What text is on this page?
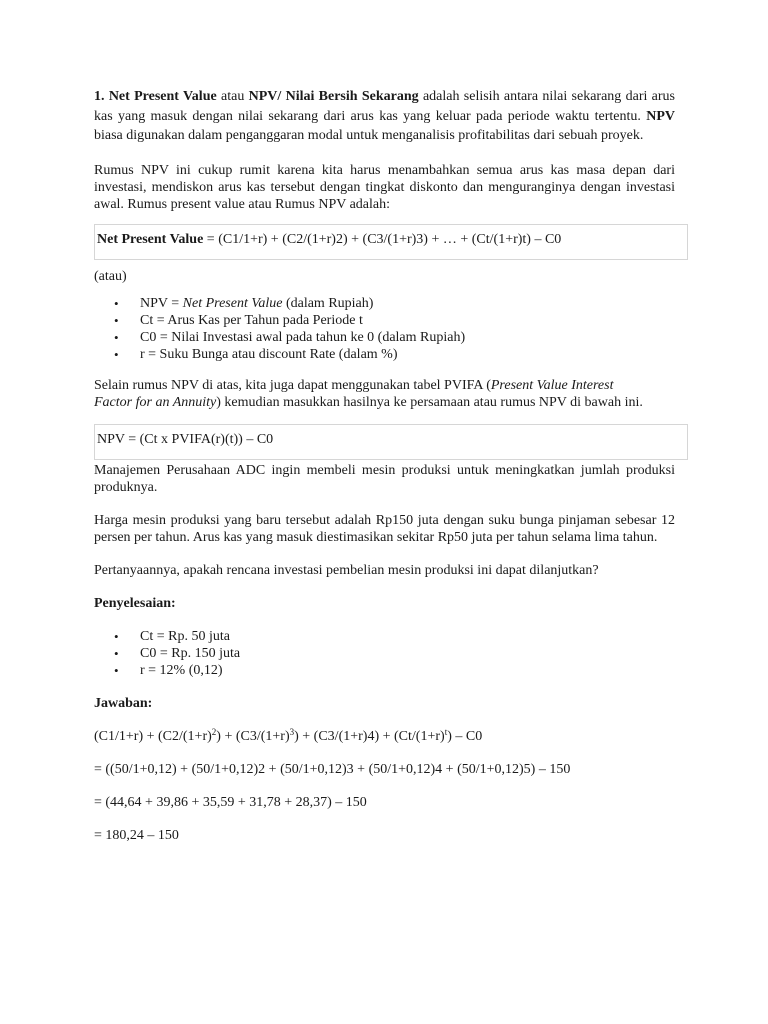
1. Net Present Value atau NPV/ Nilai Bersih Sekarang adalah selisih antara nilai sekarang dari arus kas yang masuk dengan nilai sekarang dari arus kas yang keluar pada periode waktu tertentu. NPV biasa digunakan dalam penganggaran modal untuk menganalisis profitabilitas dari sebuah proyek.

Rumus NPV ini cukup rumit karena kita harus menambahkan semua arus kas masa depan dari investasi, mendiskon arus kas tersebut dengan tingkat diskonto dan menguranginya dengan investasi awal. Rumus present value atau Rumus NPV adalah:

Net Present Value = (C1/1+r) + (C2/(1+r)2) + (C3/(1+r)3) + … + (Ct/(1+r)t) – C0

(atau)

• NPV = Net Present Value (dalam Rupiah)
• Ct = Arus Kas per Tahun pada Periode t
• C0 = Nilai Investasi awal pada tahun ke 0 (dalam Rupiah)
• r = Suku Bunga atau discount Rate (dalam %)

Selain rumus NPV di atas, kita juga dapat menggunakan tabel PVIFA (Present Value Interest Factor for an Annuity) kemudian masukkan hasilnya ke persamaan atau rumus NPV di bawah ini.

NPV = (Ct x PVIFA(r)(t)) – C0

Manajemen Perusahaan ADC ingin membeli mesin produksi untuk meningkatkan jumlah produksi produknya.

Harga mesin produksi yang baru tersebut adalah Rp150 juta dengan suku bunga pinjaman sebesar 12 persen per tahun. Arus kas yang masuk diestimasikan sekitar Rp50 juta per tahun selama lima tahun.

Pertanyaannya, apakah rencana investasi pembelian mesin produksi ini dapat dilanjutkan?

Penyelesaian:

• Ct = Rp. 50 juta
• C0 = Rp. 150 juta
• r = 12% (0,12)

Jawaban:

$(C1/1+r) + (C2/(1+r)^2) + (C3/(1+r)^3) + (C3/(1+r)4) + (Ct/(1+r)^t) - C0$

= ((50/1+0,12) + (50/1+0,12)2 + (50/1+0,12)3 + (50/1+0,12)4 + (50/1+0,12)5) – 150

= (44,64 + 39,86 + 35,59 + 31,78 + 28,37) – 150

= 180,24 – 150
